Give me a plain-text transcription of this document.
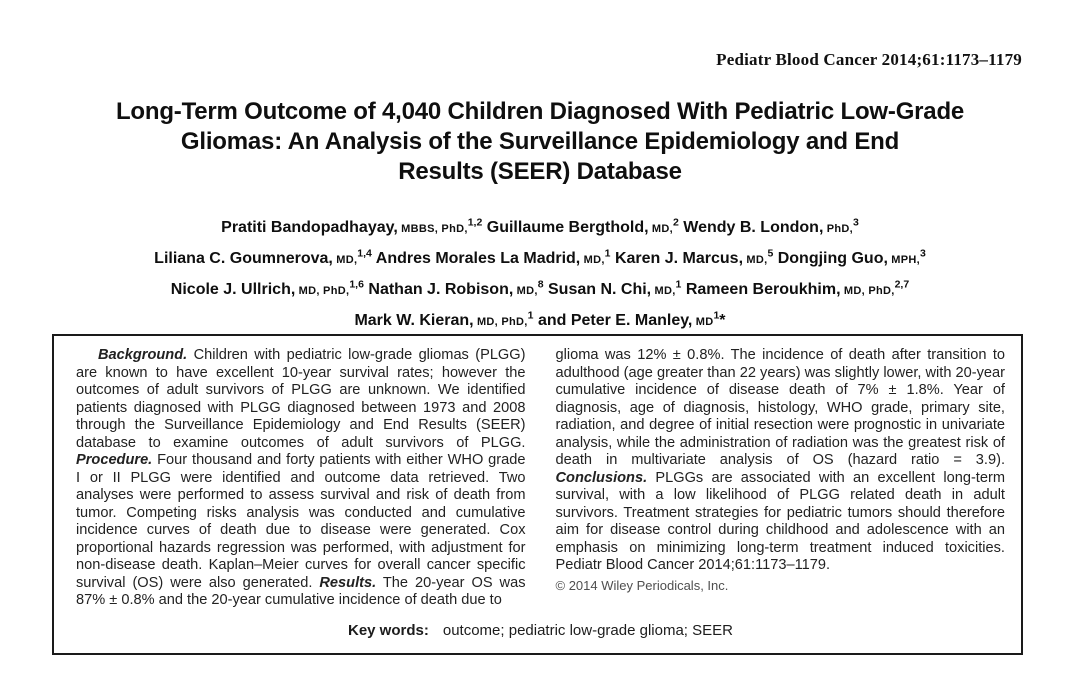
Pediatr Blood Cancer 2014;61:1173–1179
Long-Term Outcome of 4,040 Children Diagnosed With Pediatric Low-Grade
Gliomas: An Analysis of the Surveillance Epidemiology and End
Results (SEER) Database
Pratiti Bandopadhayay, MBBS, PhD,$^{1,2}$ Guillaume Bergthold, MD,$^2$ Wendy B. London, PhD,$^3$
Liliana C. Goumnerova, MD,$^{1,4}$ Andres Morales La Madrid, MD,$^1$ Karen J. Marcus, MD,$^5$ Dongjing Guo, MPH,$^3$
Nicole J. Ullrich, MD, PhD,$^{1,6}$ Nathan J. Robison, MD,$^8$ Susan N. Chi, MD,$^1$ Rameen Beroukhim, MD, PhD,$^{2,7}$
Mark W. Kieran, MD, PhD,$^1$ and Peter E. Manley, $MD^1*$
Background. Children with pediatric low-grade gliomas (PLGG) are known to have excellent 10-year survival rates; however the outcomes of adult survivors of PLGG are unknown. We identified patients diagnosed with PLGG diagnosed between 1973 and 2008 through the Surveillance Epidemiology and End Results (SEER) database to examine outcomes of adult survivors of PLGG. Procedure. Four thousand and forty patients with either WHO grade I or II PLGG were identified and outcome data retrieved. Two analyses were performed to assess survival and risk of death from tumor. Competing risks analysis was conducted and cumulative incidence curves of death due to disease were generated. Cox proportional hazards regression was performed, with adjustment for non-disease death. Kaplan–Meier curves for overall cancer specific survival (OS) were also generated. Results. The 20-year OS was 87% ± 0.8% and the 20-year cumulative incidence of death due to
glioma was 12% ± 0.8%. The incidence of death after transition to adulthood (age greater than 22 years) was slightly lower, with 20-year cumulative incidence of disease death of 7% ± 1.8%. Year of diagnosis, age of diagnosis, histology, WHO grade, primary site, radiation, and degree of initial resection were prognostic in univariate analysis, while the administration of radiation was the greatest risk of death in multivariate analysis of OS (hazard ratio = 3.9). Conclusions. PLGGs are associated with an excellent long-term survival, with a low likelihood of PLGG related death in adult survivors. Treatment strategies for pediatric tumors should therefore aim for disease control during childhood and adolescence with an emphasis on minimizing long-term treatment induced toxicities. Pediatr Blood Cancer 2014;61:1173–1179.
© 2014 Wiley Periodicals, Inc.
Key words: outcome; pediatric low-grade glioma; SEER
